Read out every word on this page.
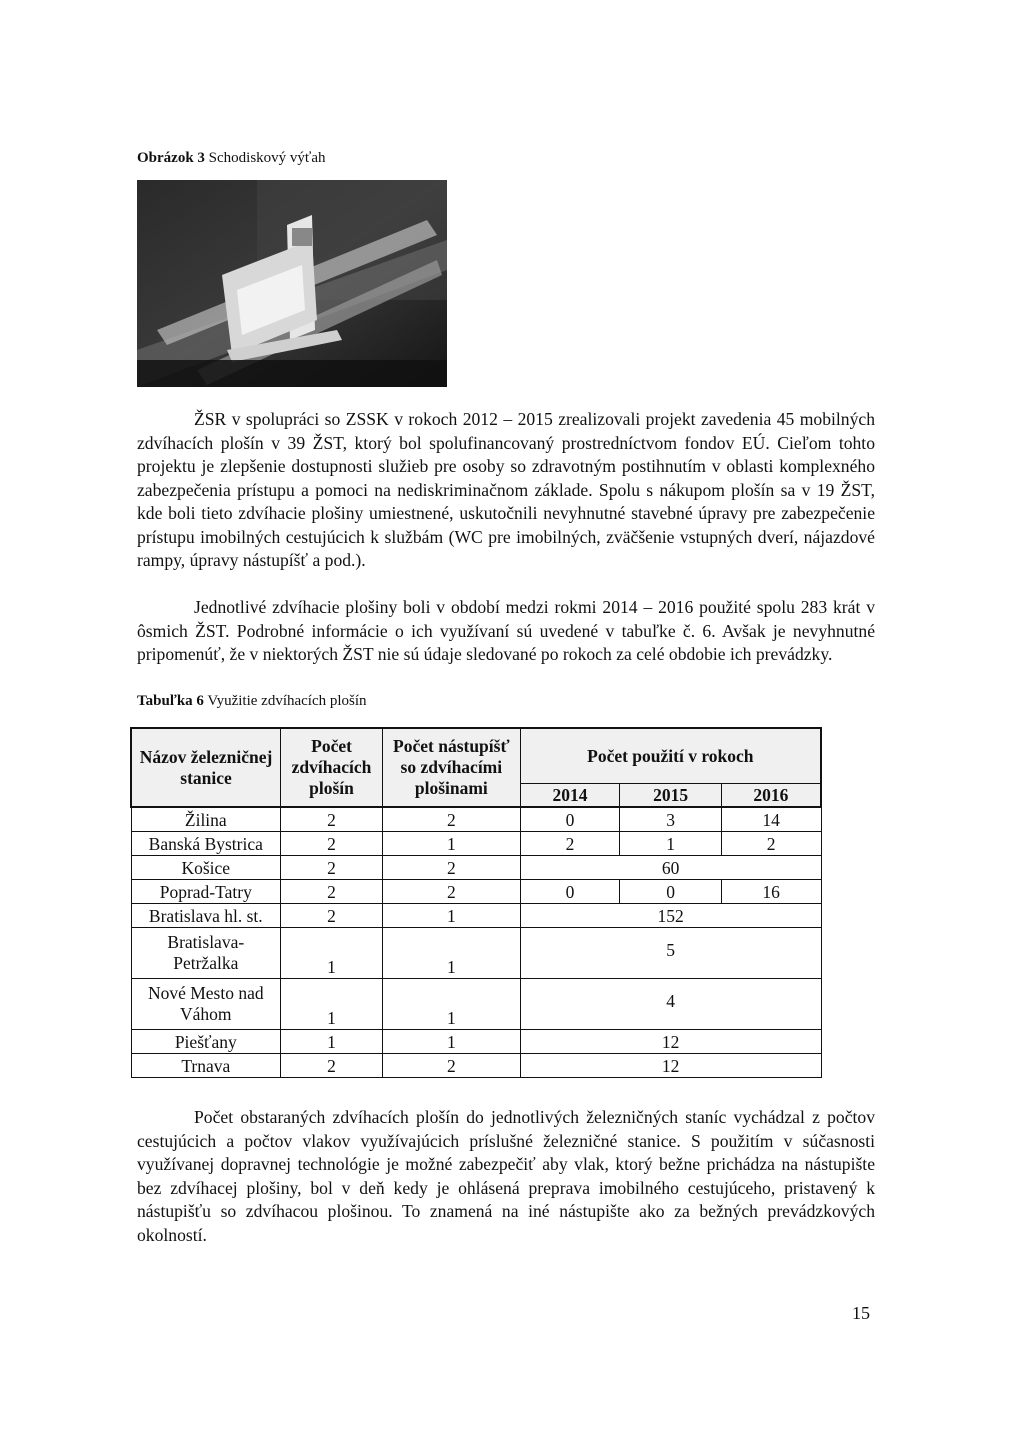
Obrázok 3 Schodiskový výťah

ŽSR v spolupráci so ZSSK v rokoch 2012 – 2015 zrealizovali projekt zavedenia 45 mobilných zdvíhacích plošín v 39 ŽST, ktorý bol spolufinancovaný prostredníctvom fondov EÚ. Cieľom tohto projektu je zlepšenie dostupnosti služieb pre osoby so zdravotným postihnutím v oblasti komplexného zabezpečenia prístupu a pomoci na nediskriminačnom základe. Spolu s nákupom plošín sa v 19 ŽST, kde boli tieto zdvíhacie plošiny umiestnené, uskutočnili nevyhnutné stavebné úpravy pre zabezpečenie prístupu imobilných cestujúcich k službám (WC pre imobilných, zväčšenie vstupných dverí, nájazdové rampy, úpravy nástupíšť a pod.).

Jednotlivé zdvíhacie plošiny boli v období medzi rokmi 2014 – 2016 použité spolu 283 krát v ôsmich ŽST. Podrobné informácie o ich využívaní sú uvedené v tabuľke č. 6. Avšak je nevyhnutné pripomenúť, že v niektorých ŽST nie sú údaje sledované po rokoch za celé obdobie ich prevádzky.

Tabuľka 6 Využitie zdvíhacích plošín
Názov železničnej stanice	Počet zdvíhacích plošín	Počet nástupíšť so zdvíhacími plošinami	Počet použití v rokoch		
			2014	2015	2016
Žilina	2	2	0	3	14
Banská Bystrica	2	1	2	1	2
Košice	2	2	60		
Poprad-Tatry	2	2	0	0	16
Bratislava hl. st.	2	1	152		
Bratislava-Petržalka	1	1	5		
Nové Mesto nad Váhom	1	1	4		
Piešťany	1	1	12		
Trnava	2	2	12		

Počet obstaraných zdvíhacích plošín do jednotlivých železničných staníc vychádzal z počtov cestujúcich a počtov vlakov využívajúcich príslušné železničné stanice. S použitím v súčasnosti využívanej dopravnej technológie je možné zabezpečiť aby vlak, ktorý bežne prichádza na nástupište bez zdvíhacej plošiny, bol v deň kedy je ohlásená preprava imobilného cestujúceho, pristavený k nástupišťu so zdvíhacou plošinou. To znamená na iné nástupište ako za bežných prevádzkových okolností.

15
